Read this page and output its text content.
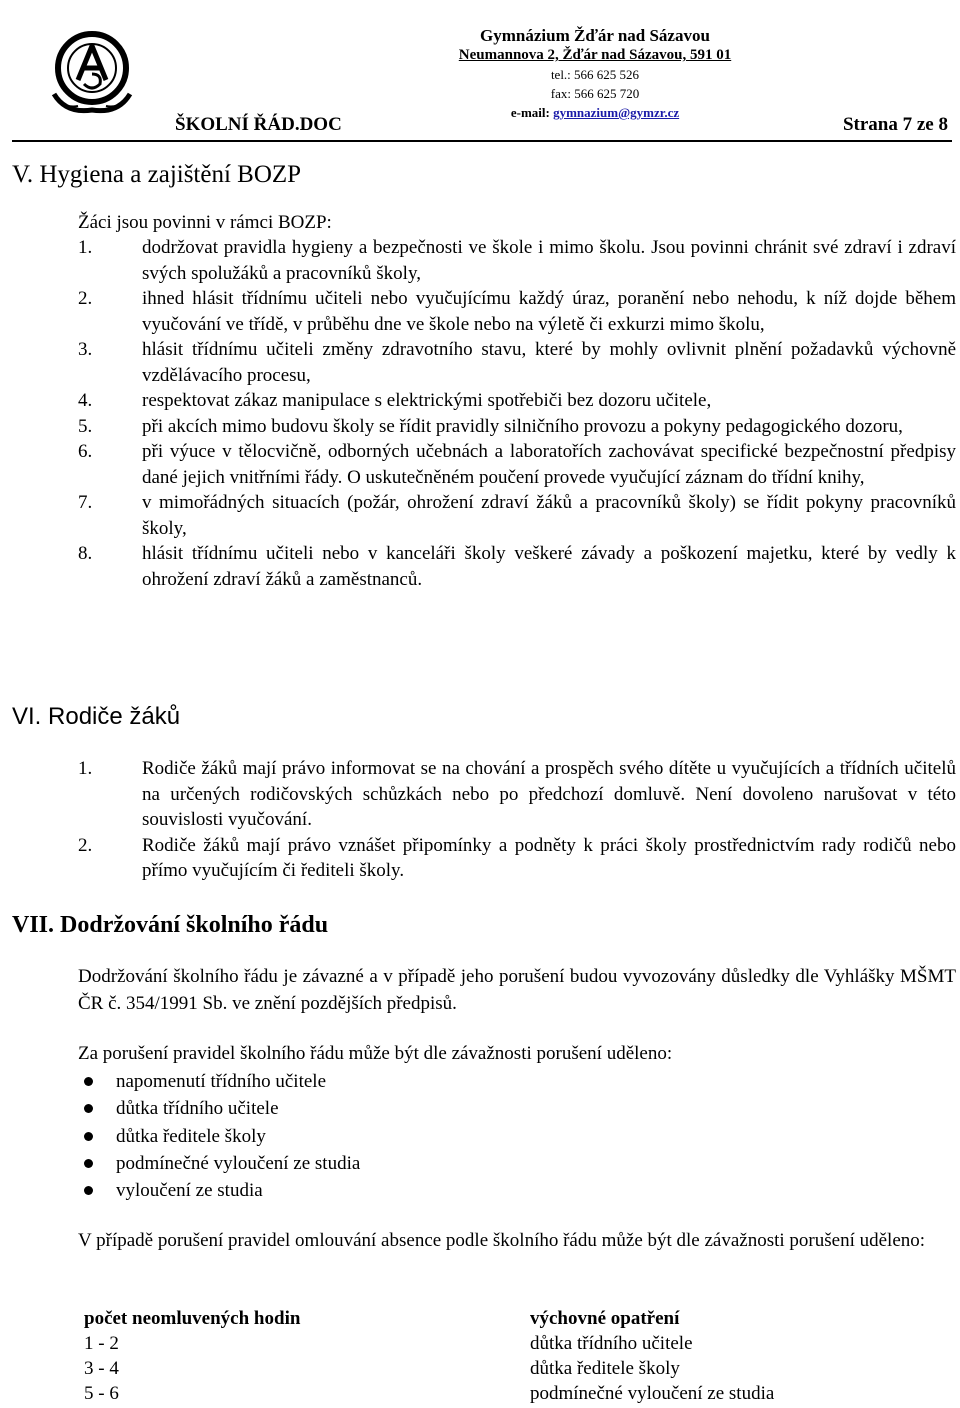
Gymnázium Žďár nad Sázavou
Neumannova 2, Žďár nad Sázavou, 591 01
tel.: 566 625 526
fax: 566 625 720
e-mail: gymnazium@gymzr.cz
ŠKOLNÍ ŘÁD.DOC	Strana 7 ze 8
V. Hygiena a zajištění BOZP
Žáci jsou povinni v rámci BOZP:
1.	dodržovat pravidla hygieny a bezpečnosti ve škole i mimo školu. Jsou povinni chránit své zdraví i zdraví svých spolužáků a pracovníků školy,
2.	ihned hlásit třídnímu učiteli nebo vyučujícímu každý úraz, poranění nebo nehodu, k níž dojde během vyučování ve třídě, v průběhu dne ve škole nebo na výletě či exkurzi mimo školu,
3.	hlásit třídnímu učiteli změny zdravotního stavu, které by mohly ovlivnit plnění požadavků výchovně vzdělávacího procesu,
4.	respektovat zákaz manipulace s elektrickými spotřebiči bez dozoru učitele,
5.	při akcích mimo budovu školy se řídit pravidly silničního provozu a pokyny pedagogického dozoru,
6.	při výuce v tělocvičně, odborných učebnách a laboratořích zachovávat specifické bezpečnostní předpisy dané jejich vnitřními řády. O uskutečněném poučení provede vyučující záznam do třídní knihy,
7.	v mimořádných situacích (požár, ohrožení zdraví žáků a pracovníků školy) se řídit pokyny pracovníků školy,
8.	hlásit třídnímu učiteli nebo v kanceláři školy veškeré závady a poškození majetku, které by vedly k ohrožení zdraví žáků a zaměstnanců.
VI. Rodiče žáků
1.	Rodiče žáků mají právo informovat se na chování a prospěch svého dítěte u vyučujících a třídních učitelů na určených rodičovských schůzkách nebo po předchozí domluvě. Není dovoleno narušovat v této souvislosti vyučování.
2.	Rodiče žáků mají právo vznášet připomínky a podněty k práci školy prostřednictvím rady rodičů nebo přímo vyučujícím či řediteli školy.
VII. Dodržování školního řádu
Dodržování školního řádu je závazné a v případě jeho porušení budou vyvozovány důsledky dle Vyhlášky MŠMT ČR č. 354/1991 Sb. ve znění pozdějších předpisů.
Za porušení pravidel školního řádu může být dle závažnosti porušení uděleno:
napomenutí třídního učitele
důtka třídního učitele
důtka ředitele školy
podmínečné vyloučení ze studia
vyloučení ze studia
V případě porušení pravidel omlouvání absence podle školního řádu může být dle závažnosti porušení uděleno:
počet neomluvených hodin	výchovné opatření
1 - 2	důtka třídního učitele
3 - 4	důtka ředitele školy
5 - 6	podmínečné vyloučení ze studia
